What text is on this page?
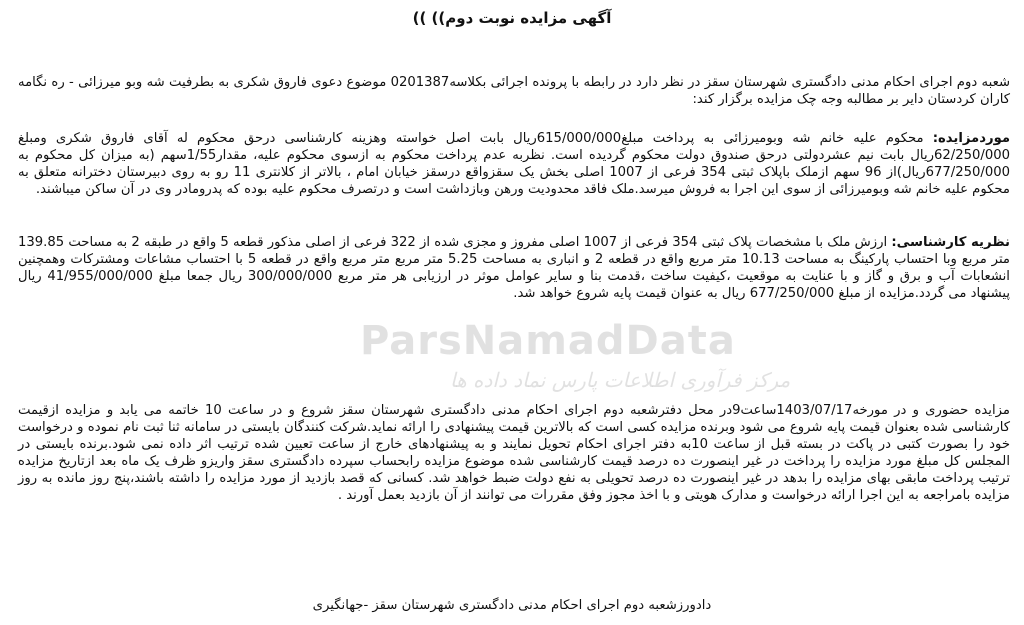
ParsNamadData
مرکز فرآوری اطلاعات پارس نماد داده ها
آگهی مزایده نوبت دوم)) ))
شعبه دوم اجرای احکام مدنی دادگستری شهرستان سقز در نظر دارد در رابطه با پرونده اجرائی بکلاسه0201387 موضوع دعوی فاروق شکری به بطرفیت شه وبو میرزائی - ره نگامه کاران کردستان دایر بر مطالبه وجه چک مزایده برگزار کند:
موردمزایده: محکوم علیه خانم شه وبومیرزائی به پرداخت مبلغ615/000/000ریال بابت اصل خواسته وهزینه کارشناسی درحق محکوم له آقای فاروق شکری ومبلغ 62/250/000ریال بابت نیم عشردولتی درحق صندوق دولت محکوم گردیده است. نظربه عدم پرداخت محکوم به ازسوی محکوم علیه، مقدار1/55سهم (به میزان کل محکوم به 677/250/000ریال)از 96 سهم ازملک باپلاک ثبتی 354 فرعی از 1007 اصلی بخش یک سقزواقع درسقز خیابان امام ، بالاتر از کلانتری 11 رو به روی دبیرستان دخترانه متعلق به محکوم علیه خانم شه وبومیرزائی از سوی این اجرا به فروش میرسد.ملک فاقد محدودیت ورهن وبازداشت است و درتصرف محکوم علیه بوده که پدرومادر وی در آن ساکن میباشند.
نظریه کارشناسی: ارزش ملک با مشخصات پلاک ثبتی 354 فرعی از 1007 اصلی مفروز و مجزی شده از 322 فرعی از اصلی مذکور قطعه 5 واقع در طبقه 2 به مساحت 139.85 متر مربع وبا احتساب پارکینگ به مساحت 10.13 متر مربع واقع در قطعه 2 و انباری به مساحت 5.25 متر مربع متر مربع واقع در قطعه 5 با احتساب مشاعات ومشترکات وهمچنین انشعابات آب و برق و گاز و با عنایت به موقعیت ،کیفیت ساخت ،قدمت بنا و سایر عوامل موثر در ارزیابی هر متر مربع 300/000/000 ریال جمعا مبلغ 41/955/000/000 ریال پیشنهاد می گردد.مزایده از مبلغ 677/250/000 ریال به عنوان قیمت پایه شروع خواهد شد.
مزایده حضوری و در مورخه1403/07/17ساعت9در محل دفترشعبه دوم اجرای احکام مدنی دادگستری شهرستان سقز شروع و در ساعت 10 خاتمه می یابد و مزایده ازقیمت کارشناسی شده بعنوان قیمت پایه شروع می شود وبرنده مزایده کسی است که بالاترین قیمت پیشنهادی را ارائه نماید.شرکت کنندگان بایستی در سامانه ثنا ثبت نام نموده و درخواست خود را بصورت کتبی در پاکت در بسته قبل از ساعت 10به دفتر اجرای احکام تحویل نمایند و به پیشنهادهای خارج از ساعت تعیین شده ترتیب اثر داده نمی شود.برنده بایستی در المجلس کل مبلغ مورد مزایده را پرداخت در غیر اینصورت ده درصد قیمت کارشناسی شده موضوع مزایده رابحساب سپرده دادگستری سقز واریزو ظرف یک ماه بعد ازتاریخ مزایده ترتیب پرداخت مابقی بهای مزایده را بدهد در غیر اینصورت ده درصد تحویلی به نفع دولت ضبط خواهد شد. کسانی که قصد بازدید از مورد مزایده را داشته باشند،پنج روز مانده به روز مزایده بامراجعه به این اجرا ارائه درخواست و مدارک هویتی و با اخذ مجوز وفق مقررات می توانند از آن بازدید بعمل آورند .
دادورزشعبه دوم اجرای احکام مدنی دادگستری شهرستان سقز -جهانگیری
